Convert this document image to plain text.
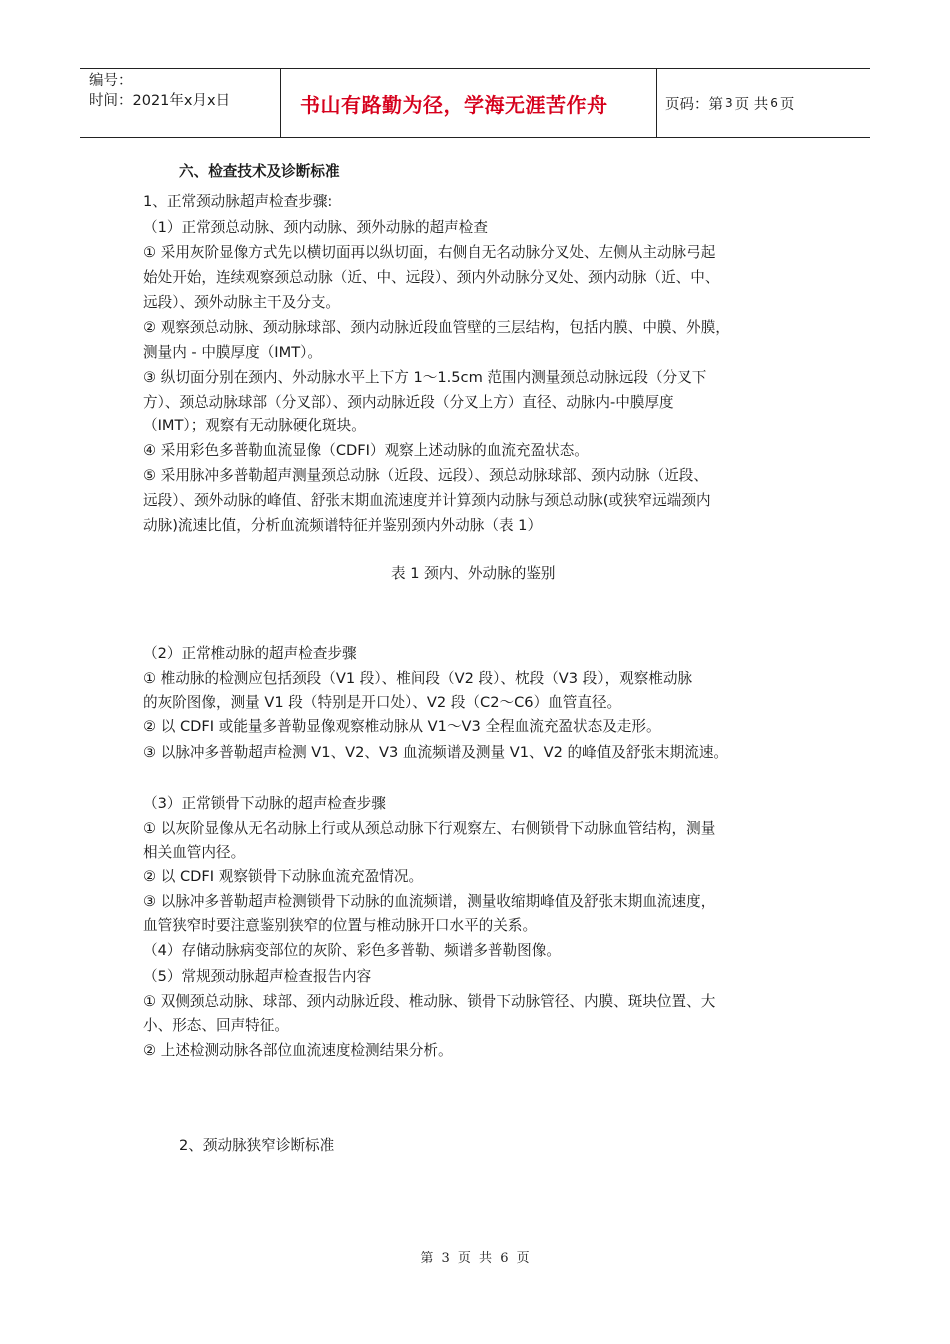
编号：
时间：2021年x月x日	书山有路勤为径，学海无涯苦作舟	页码：第 3 页 共 6 页
六、检查技术及诊断标准
1、正常颈动脉超声检查步骤:
（1）正常颈总动脉、颈内动脉、颈外动脉的超声检查
① 采用灰阶显像方式先以横切面再以纵切面，右侧自无名动脉分叉处、左侧从主动脉弓起
始处开始，连续观察颈总动脉（近、中、远段）、颈内外动脉分叉处、颈内动脉（近、中、
远段）、颈外动脉主干及分支。
② 观察颈总动脉、颈动脉球部、颈内动脉近段血管壁的三层结构，包括内膜、中膜、外膜，
测量内 - 中膜厚度（IMT）。
③ 纵切面分别在颈内、外动脉水平上下方 1～1.5cm 范围内测量颈总动脉远段（分叉下
方）、颈总动脉球部（分叉部）、颈内动脉近段（分叉上方）直径、动脉内-中膜厚度
（IMT）；观察有无动脉硬化斑块。
④ 采用彩色多普勒血流显像（CDFI）观察上述动脉的血流充盈状态。
⑤ 采用脉冲多普勒超声测量颈总动脉（近段、远段）、颈总动脉球部、颈内动脉（近段、
远段）、颈外动脉的峰值、舒张末期血流速度并计算颈内动脉与颈总动脉(或狭窄远端颈内
动脉)流速比值，分析血流频谱特征并鉴别颈内外动脉（表 1）
表 1 颈内、外动脉的鉴别
（2）正常椎动脉的超声检查步骤
① 椎动脉的检测应包括颈段（V1 段）、椎间段（V2 段）、枕段（V3 段），观察椎动脉
的灰阶图像，测量 V1 段（特别是开口处）、V2 段（C2～C6）血管直径。
② 以 CDFI 或能量多普勒显像观察椎动脉从 V1～V3 全程血流充盈状态及走形。
③ 以脉冲多普勒超声检测 V1、V2、V3 血流频谱及测量 V1、V2 的峰值及舒张末期流速。
（3）正常锁骨下动脉的超声检查步骤
① 以灰阶显像从无名动脉上行或从颈总动脉下行观察左、右侧锁骨下动脉血管结构，测量
相关血管内径。
② 以 CDFI 观察锁骨下动脉血流充盈情况。
③ 以脉冲多普勒超声检测锁骨下动脉的血流频谱，测量收缩期峰值及舒张末期血流速度，
血管狭窄时要注意鉴别狭窄的位置与椎动脉开口水平的关系。
（4）存储动脉病变部位的灰阶、彩色多普勒、频谱多普勒图像。
（5）常规颈动脉超声检查报告内容
① 双侧颈总动脉、球部、颈内动脉近段、椎动脉、锁骨下动脉管径、内膜、斑块位置、大
小、形态、回声特征。
② 上述检测动脉各部位血流速度检测结果分析。
2、颈动脉狭窄诊断标准
第 3 页 共 6 页
